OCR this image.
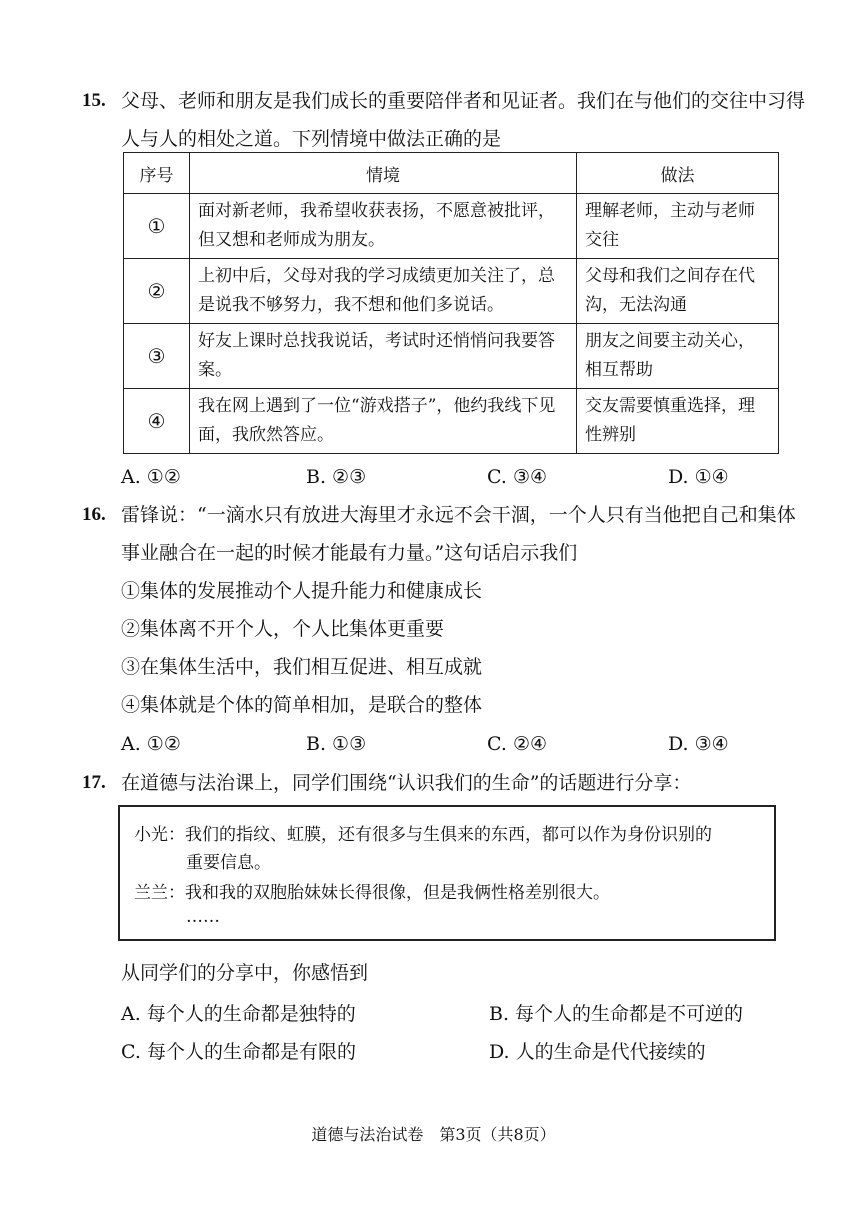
15. 父母、老师和朋友是我们成长的重要陪伴者和见证者。我们在与他们的交往中习得
人与人的相处之道。下列情境中做法正确的是
序号	情境	做法
①	面对新老师，我希望收获表扬，不愿意被批评，但又想和老师成为朋友。	理解老师，主动与老师交往
②	上初中后，父母对我的学习成绩更加关注了，总是说我不够努力，我不想和他们多说话。	父母和我们之间存在代沟，无法沟通
③	好友上课时总找我说话，考试时还悄悄问我要答案。	朋友之间要主动关心，相互帮助
④	我在网上遇到了一位“游戏搭子”，他约我线下见面，我欣然答应。	交友需要慎重选择，理性辨别
A. ①②	B. ②③	C. ③④	D. ①④
16. 雷锋说：“一滴水只有放进大海里才永远不会干涸，一个人只有当他把自己和集体
事业融合在一起的时候才能最有力量。”这句话启示我们
①集体的发展推动个人提升能力和健康成长
②集体离不开个人，个人比集体更重要
③在集体生活中，我们相互促进、相互成就
④集体就是个体的简单相加，是联合的整体
A. ①②	B. ①③	C. ②④	D. ③④
17. 在道德与法治课上，同学们围绕“认识我们的生命”的话题进行分享：
小光：我们的指纹、虹膜，还有很多与生俱来的东西，都可以作为身份识别的
重要信息。
兰兰：我和我的双胞胎妹妹长得很像，但是我俩性格差别很大。
……
从同学们的分享中，你感悟到
A. 每个人的生命都是独特的	B. 每个人的生命都是不可逆的
C. 每个人的生命都是有限的	D. 人的生命是代代接续的
道德与法治试卷　第3页（共8页）
